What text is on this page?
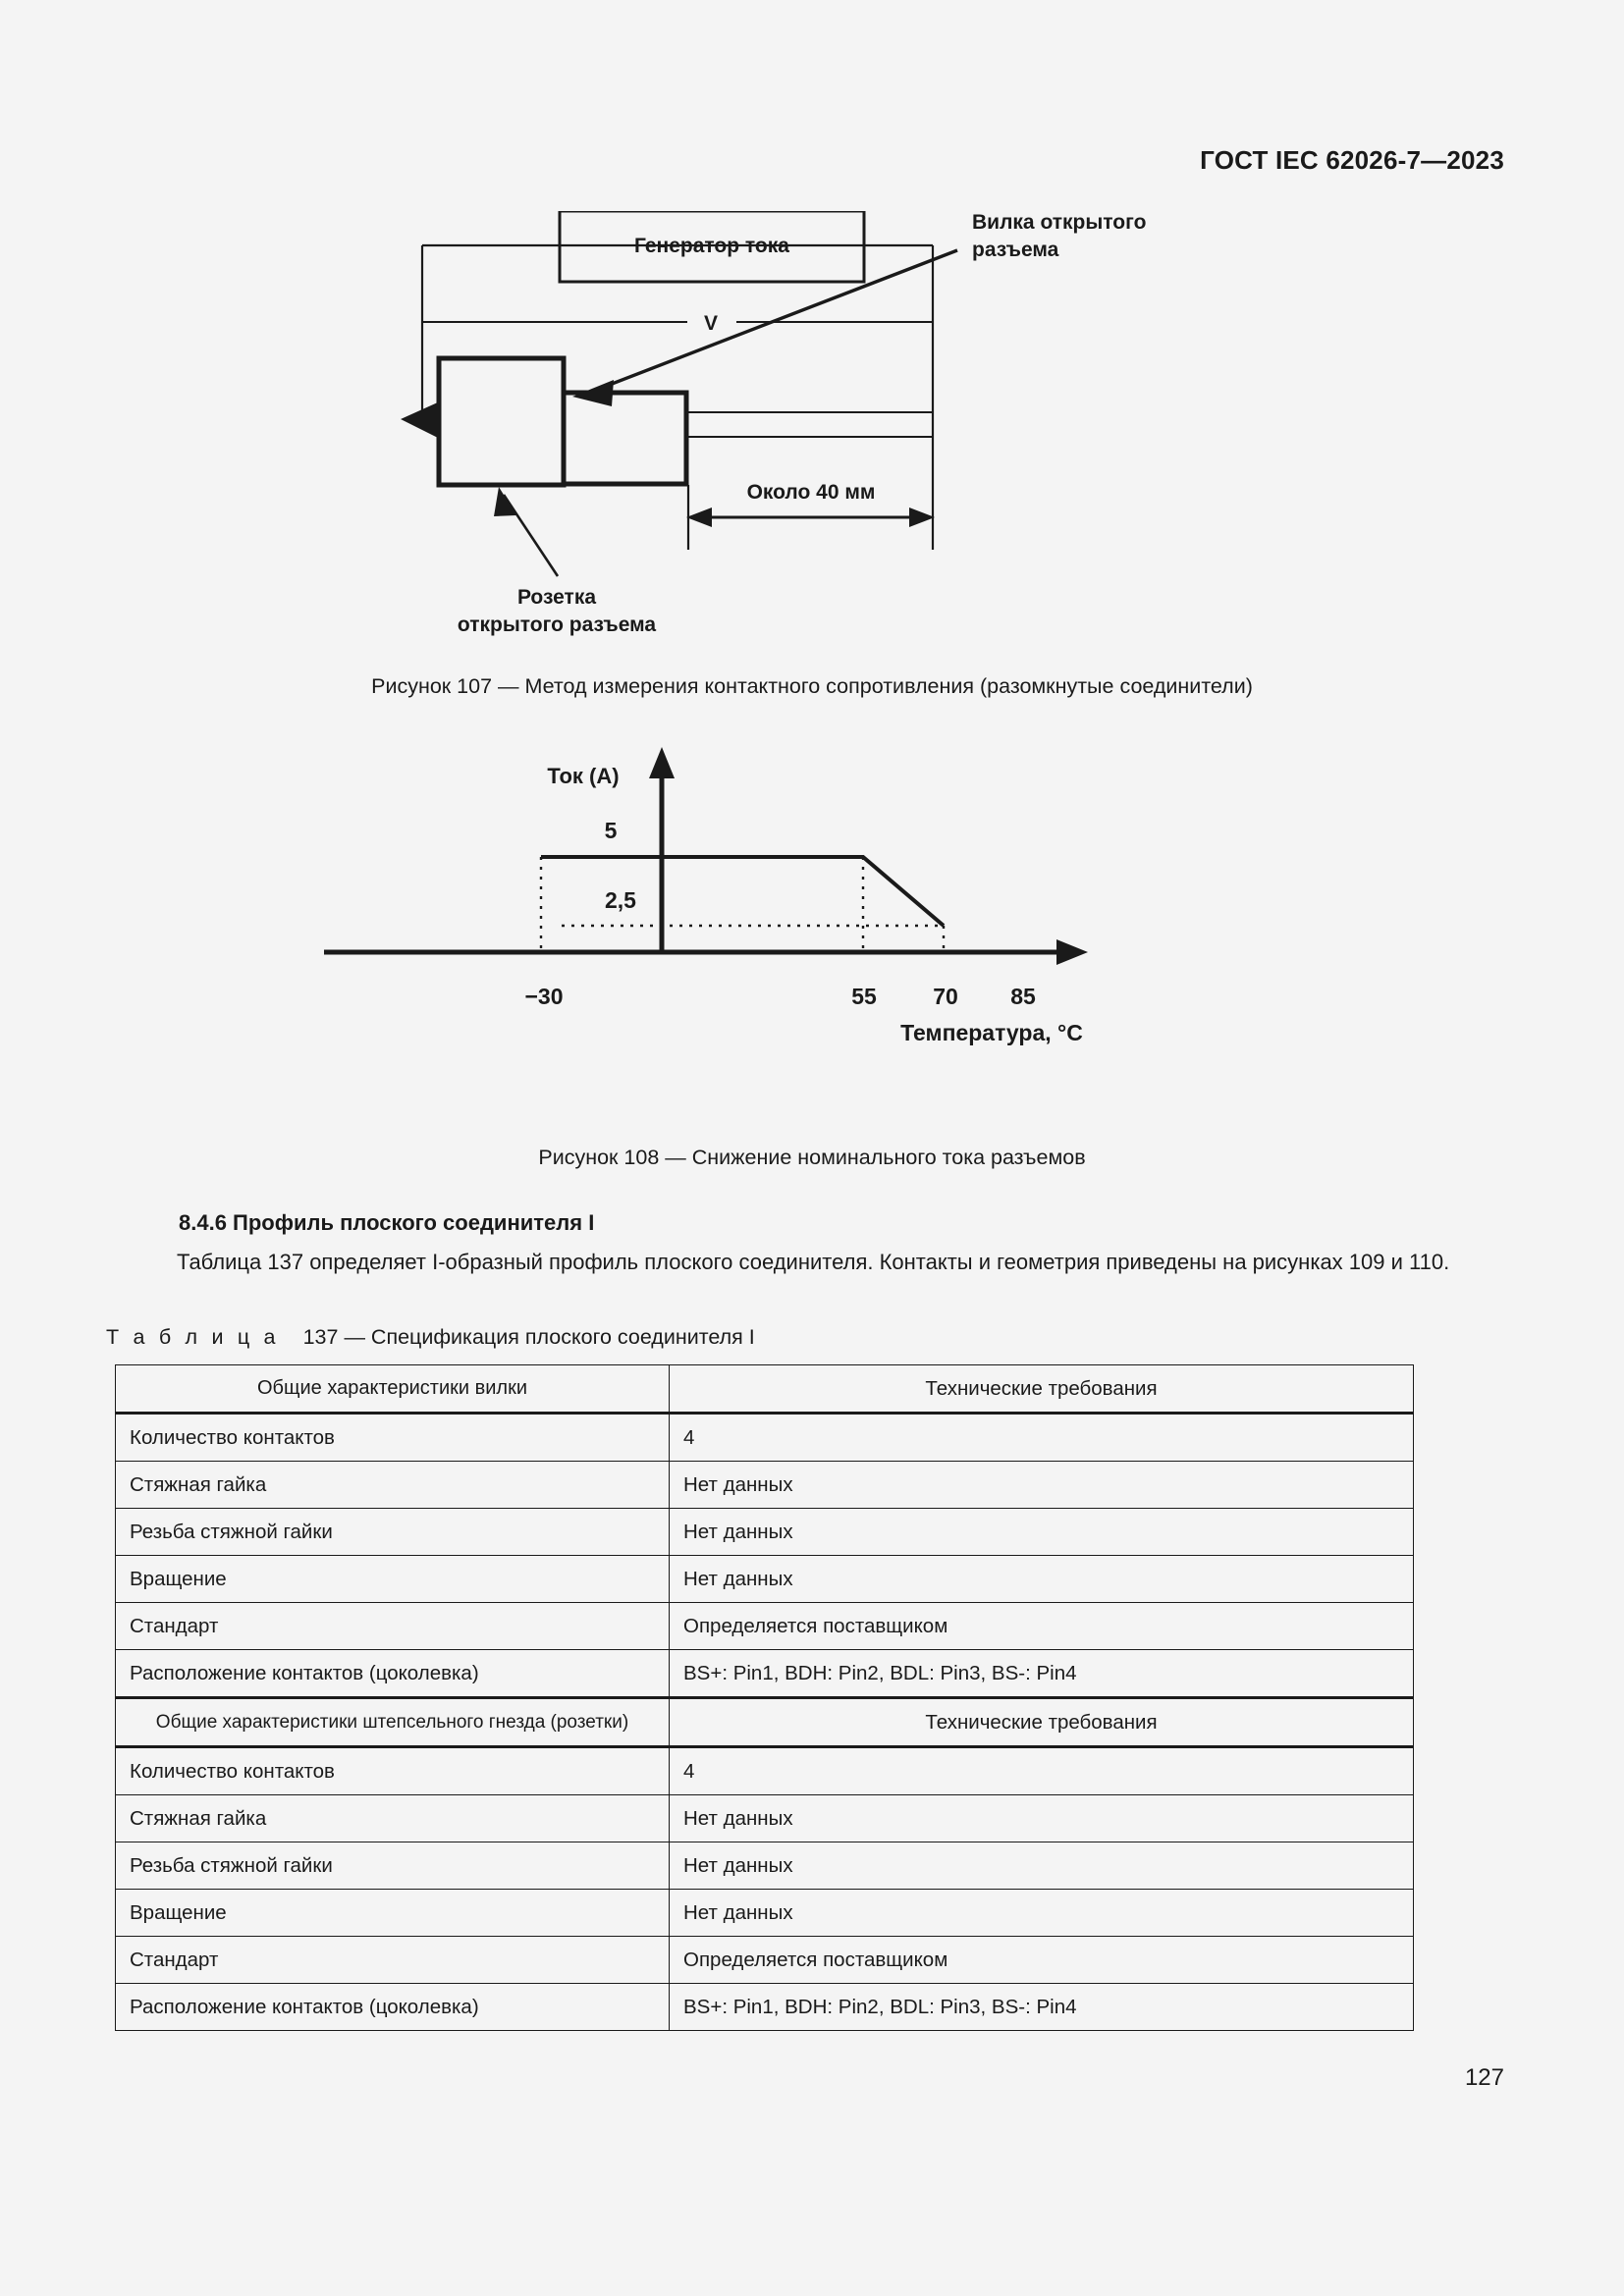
ГОСТ IEC 62026-7—2023
Генератор тока
V
Около 40 мм
Вилка открытого
разъема
Розетка
открытого разъема
Рисунок 107 — Метод измерения контактного сопротивления (разомкнутые соединители)
Ток (А)
5
2,5
−30	55 70 85
Температура, °C
Рисунок 108 — Снижение номинального тока разъемов
8.4.6 Профиль плоского соединителя I
Таблица 137 определяет I-образный профиль плоского соединителя. Контакты и геометрия приведены на рисунках 109 и 110.
Т а б л и ц а 137 — Спецификация плоского соединителя I
Общие характеристики вилки	Технические требования
Количество контактов	4
Стяжная гайка	Нет данных
Резьба стяжной гайки	Нет данных
Вращение	Нет данных
Стандарт	Определяется поставщиком
Расположение контактов (цоколевка)	BS+: Pin1, BDH: Pin2, BDL: Pin3, BS-: Pin4
Общие характеристики штепсельного гнезда (розетки)	Технические требования
Количество контактов	4
Стяжная гайка	Нет данных
Резьба стяжной гайки	Нет данных
Вращение	Нет данных
Стандарт	Определяется поставщиком
Расположение контактов (цоколевка)	BS+: Pin1, BDH: Pin2, BDL: Pin3, BS-: Pin4
127
